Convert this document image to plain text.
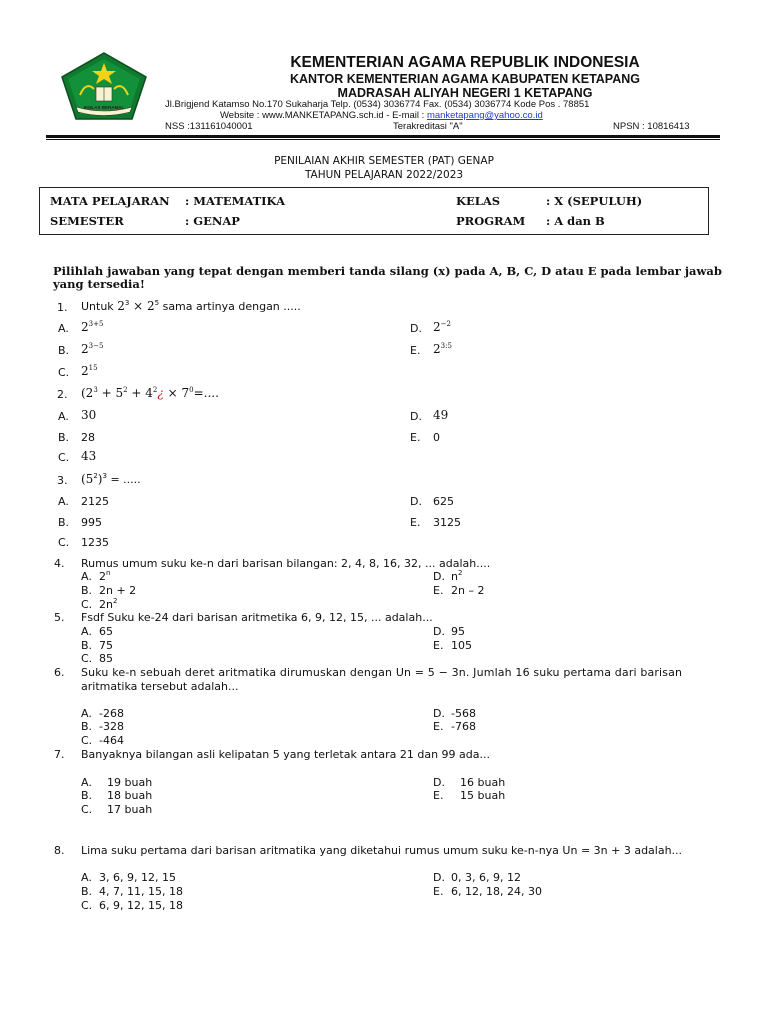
IKHLAS BERAMAL
KEMENTERIAN AGAMA REPUBLIK INDONESIA
KANTOR KEMENTERIAN AGAMA KABUPATEN KETAPANG
MADRASAH ALIYAH NEGERI 1 KETAPANG
Jl.Brigjend Katamso No.170 Sukaharja Telp. (0534) 3036774 Fax. (0534) 3036774 Kode Pos . 78851
Website : www.MANKETAPANG.sch.id - E-mail : manketapang@yahoo.co.id
NSS :131161040001	Terakreditasi "A"	NPSN : 10816413
PENILAIAN AKHIR SEMESTER (PAT) GENAP
TAHUN PELAJARAN 2022/2023
MATA PELAJARAN : MATEMATIKA	KELAS	: X (SEPULUH)
SEMESTER	: GENAP	PROGRAM : A dan B
Pilihlah jawaban yang tepat dengan memberi tanda silang (x) pada A, B, C, D atau E pada lembar jawab yang tersedia!
1. Untuk $2^3 \times 2^5$ sama artinya dengan .....
A. $2^{3+5}$	D. $2^{-2}$
B. $2^{3-5}$	E. $2^{3:5}$
C. $2^{15}$
2. ($2^3 + 5^2$ + $4^2¿ \times 7^0=$....
A. 30	D. 49
B. 28	E. 0
C. 43
3. $(5^2)^3$ = .....
A. 2125	D. 625
B. 995	E. 3125
C. 1235
4. Rumus umum suku ke-n dari barisan bilangan: 2, 4, 8, 16, 32, ... adalah....
A. 2$^n$	D. $n^2$
B. 2n + 2	E. 2n – 2
C. $2n^2$
5. Fsdf Suku ke-24 dari barisan aritmetika 6, 9, 12, 15, ... adalah...
A. 65	D. 95
B. 75	E. 105
C. 85
6. Suku ke-n sebuah deret aritmatika dirumuskan dengan Un = 5 − 3n. Jumlah 16 suku pertama dari barisan
aritmatika tersebut adalah...
A. -268	D. -568
B. -328	E. -768
C. -464
7. Banyaknya bilangan asli kelipatan 5 yang terletak antara 21 dan 99 ada...
A. 19 buah	D. 16 buah
B. 18 buah	E. 15 buah
C. 17 buah
8. Lima suku pertama dari barisan aritmatika yang diketahui rumus umum suku ke-n-nya Un = 3n + 3 adalah...
A. 3, 6, 9, 12, 15	D. 0, 3, 6, 9, 12
B. 4, 7, 11, 15, 18	E. 6, 12, 18, 24, 30
C. 6, 9, 12, 15, 18
